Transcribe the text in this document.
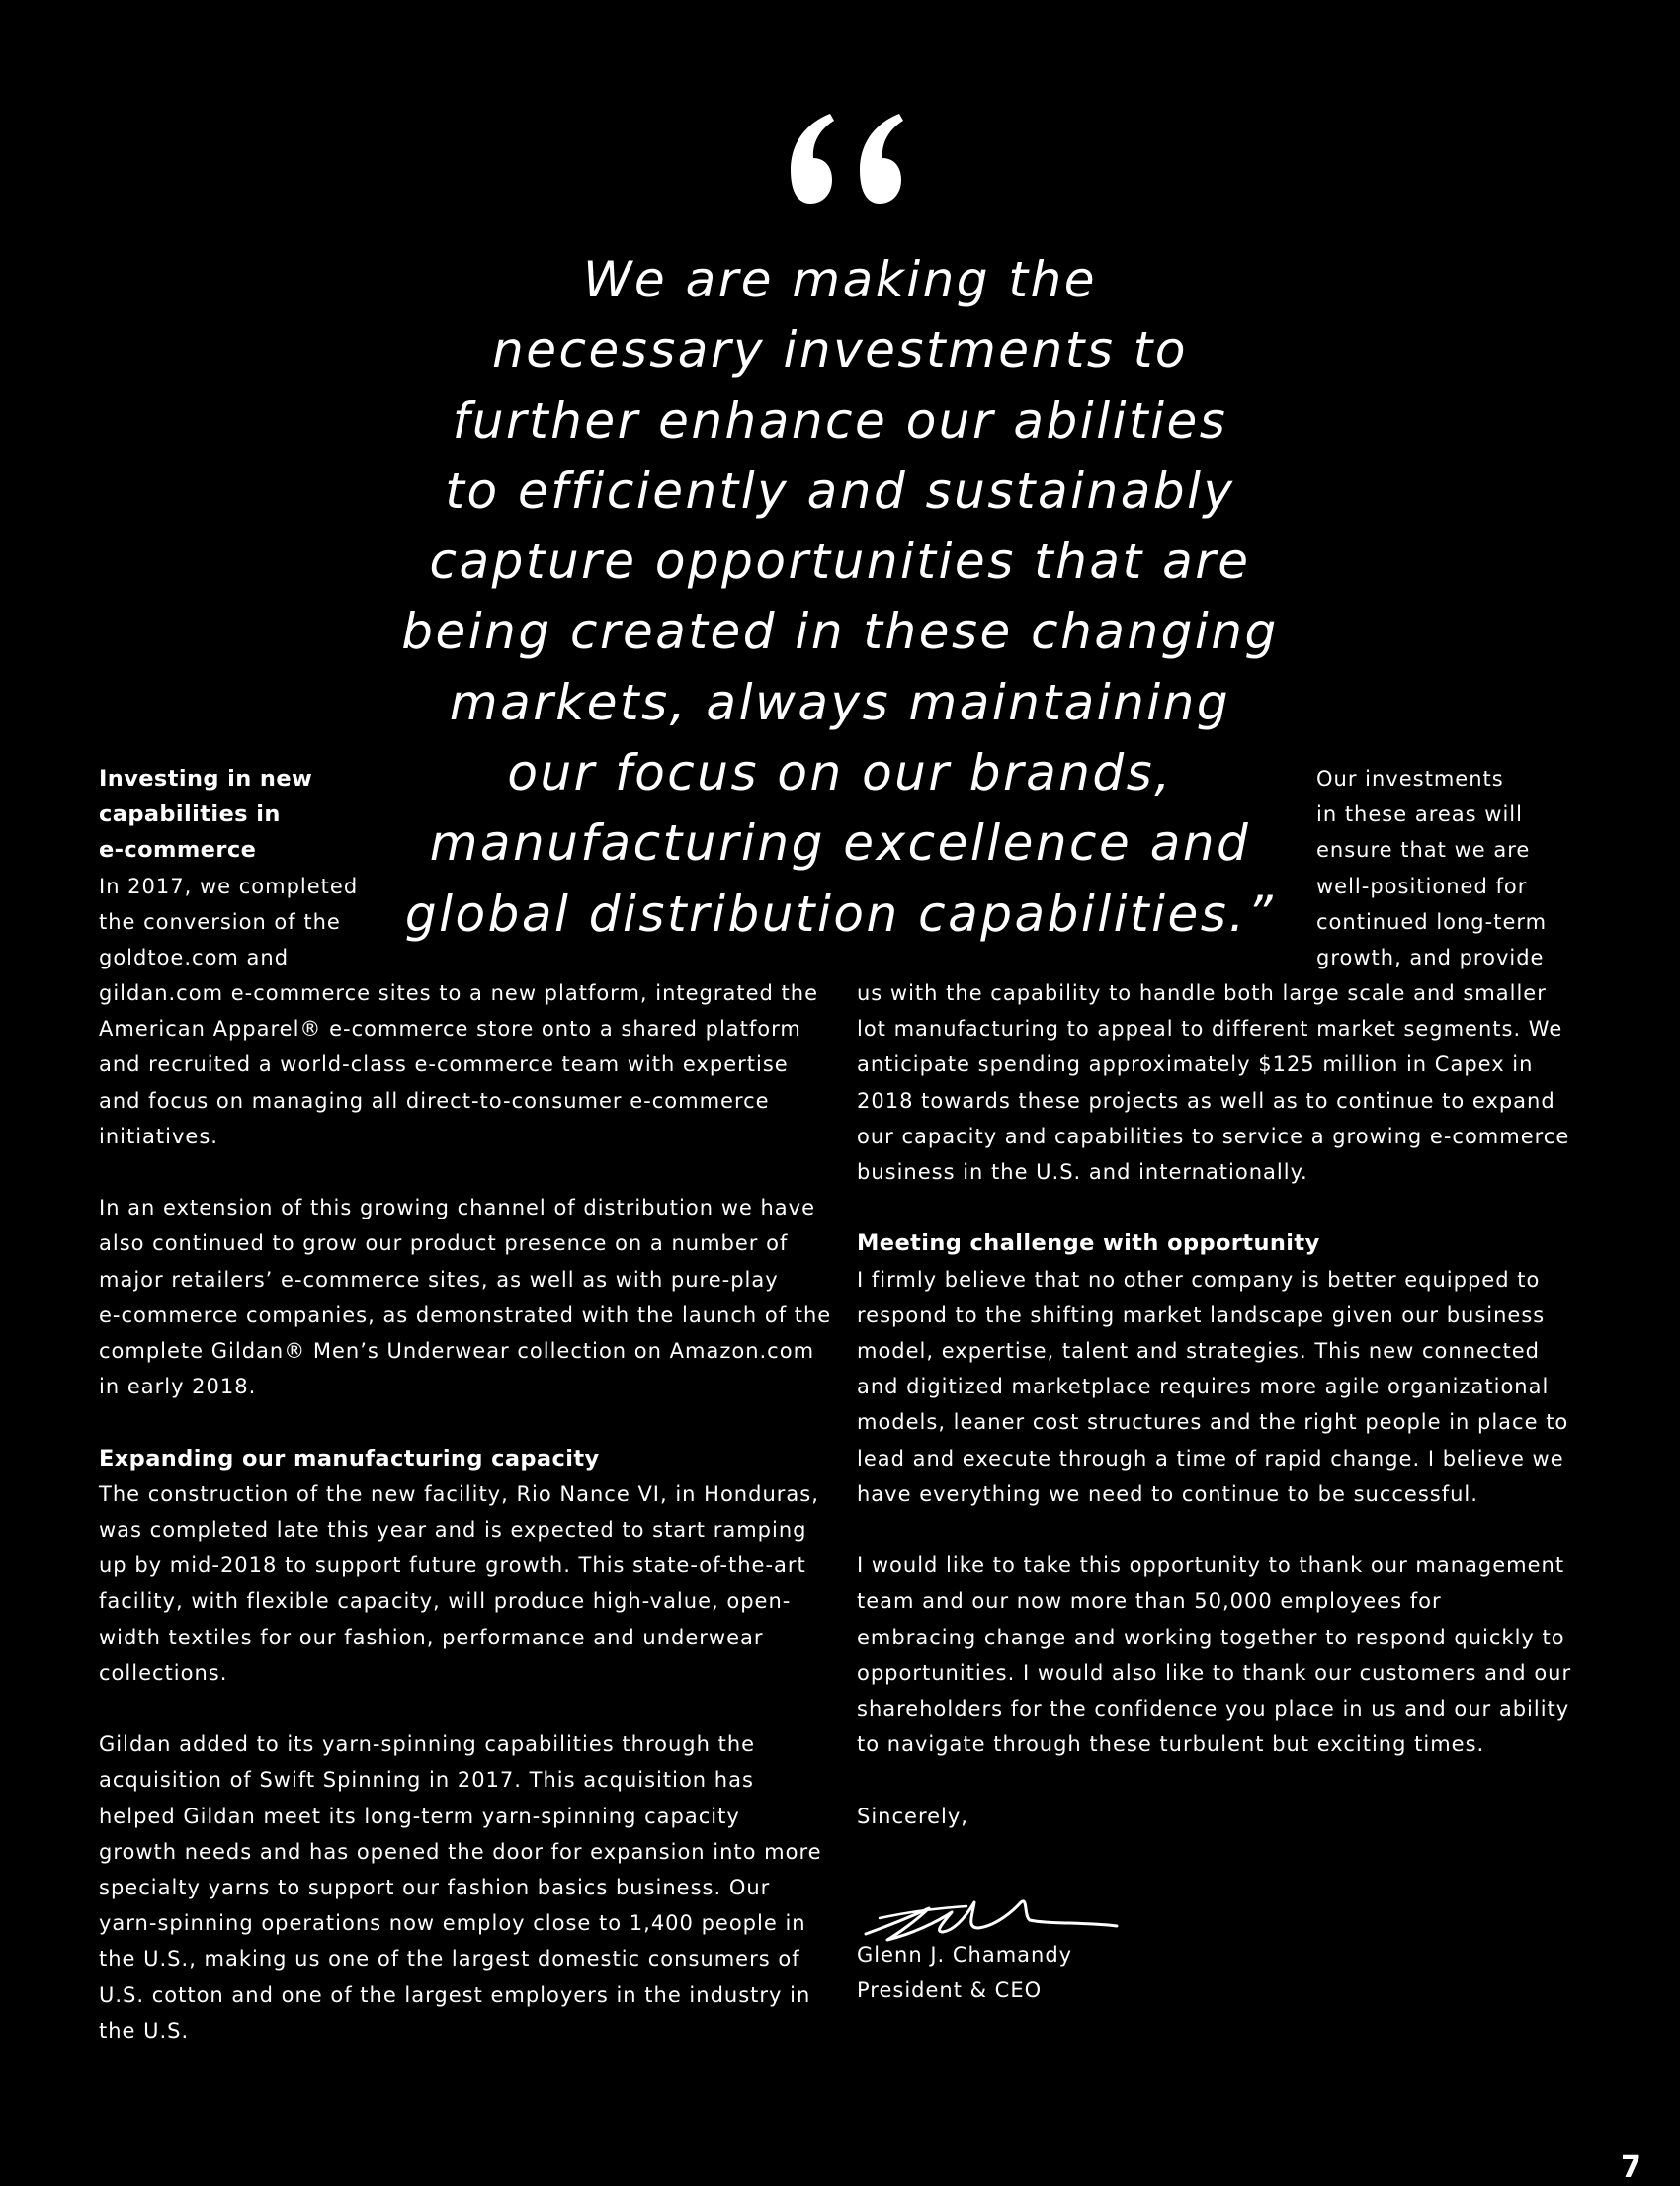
We are making the
necessary investments to
further enhance our abilities
to efficiently and sustainably
capture opportunities that are
being created in these changing
markets, always maintaining
our focus on our brands,
manufacturing excellence and
global distribution capabilities.”

Investing in new
capabilities in
e-commerce
In 2017, we completed
the conversion of the
goldtoe.com and
gildan.com e-commerce sites to a new platform, integrated the
American Apparel® e-commerce store onto a shared platform
and recruited a world-class e-commerce team with expertise
and focus on managing all direct-to-consumer e-commerce
initiatives.

In an extension of this growing channel of distribution we have
also continued to grow our product presence on a number of
major retailers’ e-commerce sites, as well as with pure-play
e-commerce companies, as demonstrated with the launch of the
complete Gildan® Men’s Underwear collection on Amazon.com
in early 2018.

Expanding our manufacturing capacity
The construction of the new facility, Rio Nance VI, in Honduras,
was completed late this year and is expected to start ramping
up by mid-2018 to support future growth. This state-of-the-art
facility, with flexible capacity, will produce high-value, open-
width textiles for our fashion, performance and underwear
collections.

Gildan added to its yarn-spinning capabilities through the
acquisition of Swift Spinning in 2017. This acquisition has
helped Gildan meet its long-term yarn-spinning capacity
growth needs and has opened the door for expansion into more
specialty yarns to support our fashion basics business. Our
yarn-spinning operations now employ close to 1,400 people in
the U.S., making us one of the largest domestic consumers of
U.S. cotton and one of the largest employers in the industry in
the U.S.
Our investments
in these areas will
ensure that we are
well-positioned for
continued long-term
growth, and provide
us with the capability to handle both large scale and smaller
lot manufacturing to appeal to different market segments. We
anticipate spending approximately $125 million in Capex in
2018 towards these projects as well as to continue to expand
our capacity and capabilities to service a growing e-commerce
business in the U.S. and internationally.

Meeting challenge with opportunity
I firmly believe that no other company is better equipped to
respond to the shifting market landscape given our business
model, expertise, talent and strategies. This new connected
and digitized marketplace requires more agile organizational
models, leaner cost structures and the right people in place to
lead and execute through a time of rapid change. I believe we
have everything we need to continue to be successful.

I would like to take this opportunity to thank our management
team and our now more than 50,000 employees for
embracing change and working together to respond quickly to
opportunities. I would also like to thank our customers and our
shareholders for the confidence you place in us and our ability
to navigate through these turbulent but exciting times.

Sincerely,
Glenn J. Chamandy
President & CEO
7
